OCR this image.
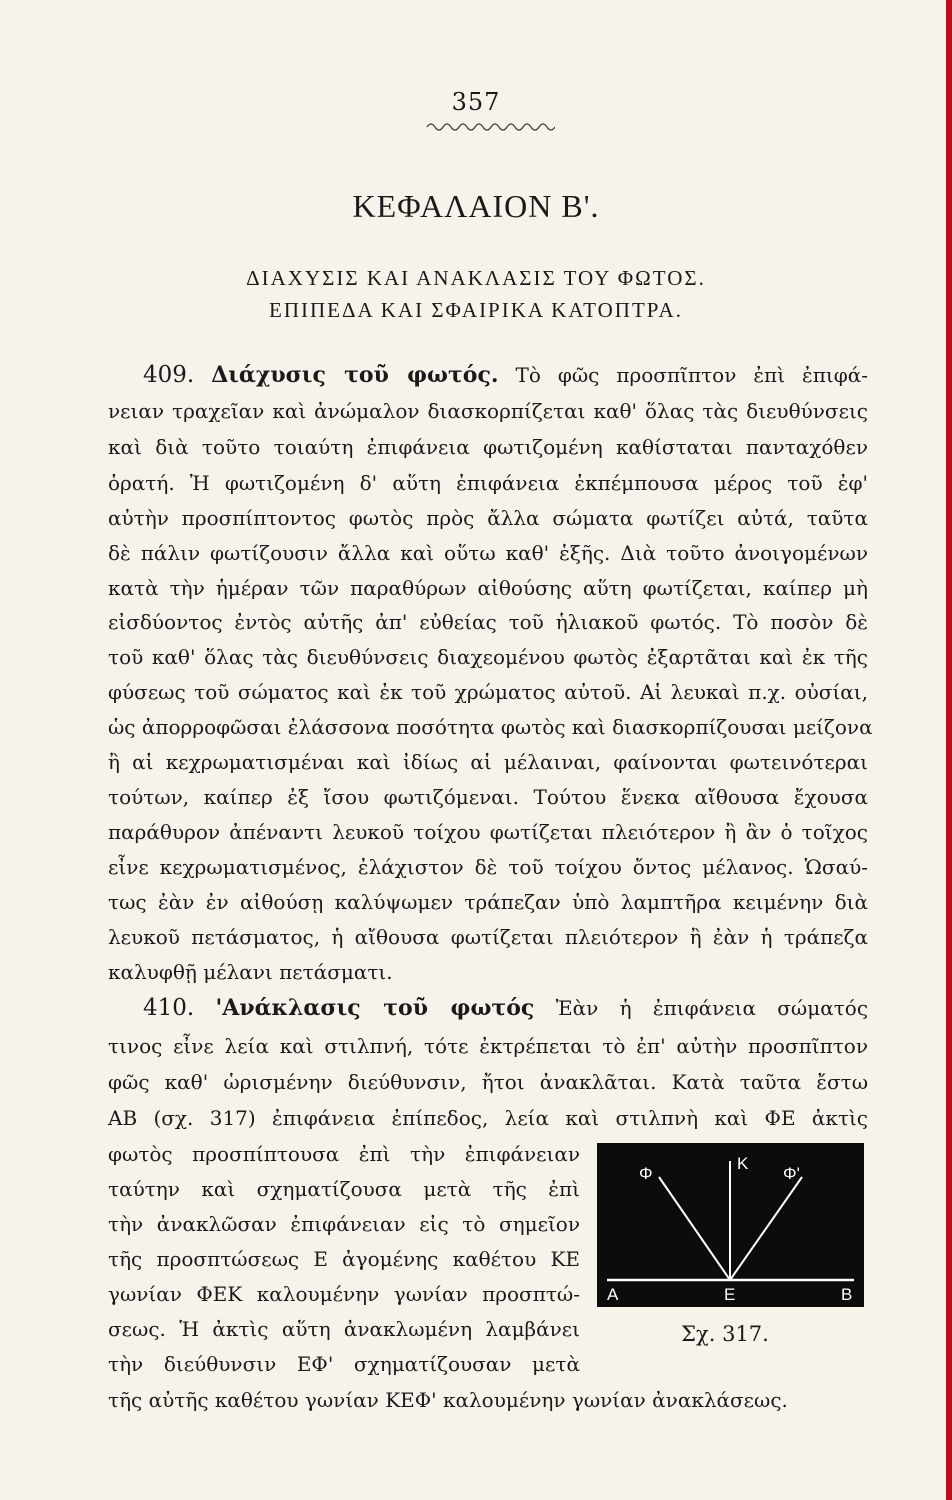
357
ΚΕΦΑΛΑΙΟΝ Β'.
ΔΙΑΧΥΣΙΣ ΚΑΙ ΑΝΑΚΛΑΣΙΣ ΤΟΥ ΦΩΤΟΣ.
ΕΠΙΠΕΔΑ ΚΑΙ ΣΦΑΙΡΙΚΑ ΚΑΤΟΠΤΡΑ.
409. Διάχυσις τοῦ φωτός. Τὸ φῶς προσπῖπτον ἐπὶ ἐπιφά-
νειαν τραχεῖαν καὶ ἀνώμαλον διασκορπίζεται καθ' ὅλας τὰς διευθύνσεις
καὶ διὰ τοῦτο τοιαύτη ἐπιφάνεια φωτιζομένη καθίσταται πανταχόθεν
ὁρατή. Ἡ φωτιζομένη δ' αὕτη ἐπιφάνεια ἐκπέμπουσα μέρος τοῦ ἐφ'
αὐτὴν προσπίπτοντος φωτὸς πρὸς ἄλλα σώματα φωτίζει αὐτά, ταῦτα
δὲ πάλιν φωτίζουσιν ἄλλα καὶ οὕτω καθ' ἑξῆς. Διὰ τοῦτο ἀνοιγομένων
κατὰ τὴν ἡμέραν τῶν παραθύρων αἰθούσης αὕτη φωτίζεται, καίπερ μὴ
εἰσδύοντος ἐντὸς αὐτῆς ἀπ' εὐθείας τοῦ ἡλιακοῦ φωτός. Τὸ ποσὸν δὲ
τοῦ καθ' ὅλας τὰς διευθύνσεις διαχεομένου φωτὸς ἐξαρτᾶται καὶ ἐκ τῆς
φύσεως τοῦ σώματος καὶ ἐκ τοῦ χρώματος αὐτοῦ. Αἱ λευκαὶ π.χ. οὐσίαι,
ὡς ἀπορροφῶσαι ἐλάσσονα ποσότητα φωτὸς καὶ διασκορπίζουσαι μείζονα
ἢ αἱ κεχρωματισμέναι καὶ ἰδίως αἱ μέλαιναι, φαίνονται φωτεινότεραι
τούτων, καίπερ ἐξ ἴσου φωτιζόμεναι. Τούτου ἕνεκα αἴθουσα ἔχουσα
παράθυρον ἀπέναντι λευκοῦ τοίχου φωτίζεται πλειότερον ἢ ἂν ὁ τοῖχος
εἶνε κεχρωματισμένος, ἐλάχιστον δὲ τοῦ τοίχου ὄντος μέλανος. Ὡσαύ-
τως ἐὰν ἐν αἰθούσῃ καλύψωμεν τράπεζαν ὑπὸ λαμπτῆρα κειμένην διὰ
λευκοῦ πετάσματος, ἡ αἴθουσα φωτίζεται πλειότερον ἢ ἐὰν ἡ τράπεζα
καλυφθῇ μέλανι πετάσματι.
410. 'Ανάκλασις τοῦ φωτός Ἐὰν ἡ ἐπιφάνεια σώματός
τινος εἶνε λεία καὶ στιλπνή, τότε ἐκτρέπεται τὸ ἐπ' αὐτὴν προσπῖπτον
φῶς καθ' ὡρισμένην διεύθυνσιν, ἤτοι ἀνακλᾶται. Κατὰ ταῦτα ἔστω
ΑΒ (σχ. 317) ἐπιφάνεια ἐπίπεδος, λεία καὶ στιλπνὴ καὶ ΦΕ ἀκτὶς
φωτὸς προσπίπτουσα ἐπὶ τὴν ἐπιφάνειαν
ταύτην καὶ σχηματίζουσα μετὰ τῆς ἐπὶ
τὴν ἀνακλῶσαν ἐπιφάνειαν εἰς τὸ σημεῖον
τῆς προσπτώσεως Ε ἀγομένης καθέτου ΚΕ
γωνίαν ΦΕΚ καλουμένην γωνίαν προσπτώ-
σεως. Ἡ ἀκτὶς αὕτη ἀνακλωμένη λαμβάνει
τὴν διεύθυνσιν ΕΦ' σχηματίζουσαν μετὰ
τῆς αὐτῆς καθέτου γωνίαν ΚΕΦ' καλουμένην γωνίαν ἀνακλάσεως.
Φ
Κ
Φ'
A	E	B
Σχ. 317.
